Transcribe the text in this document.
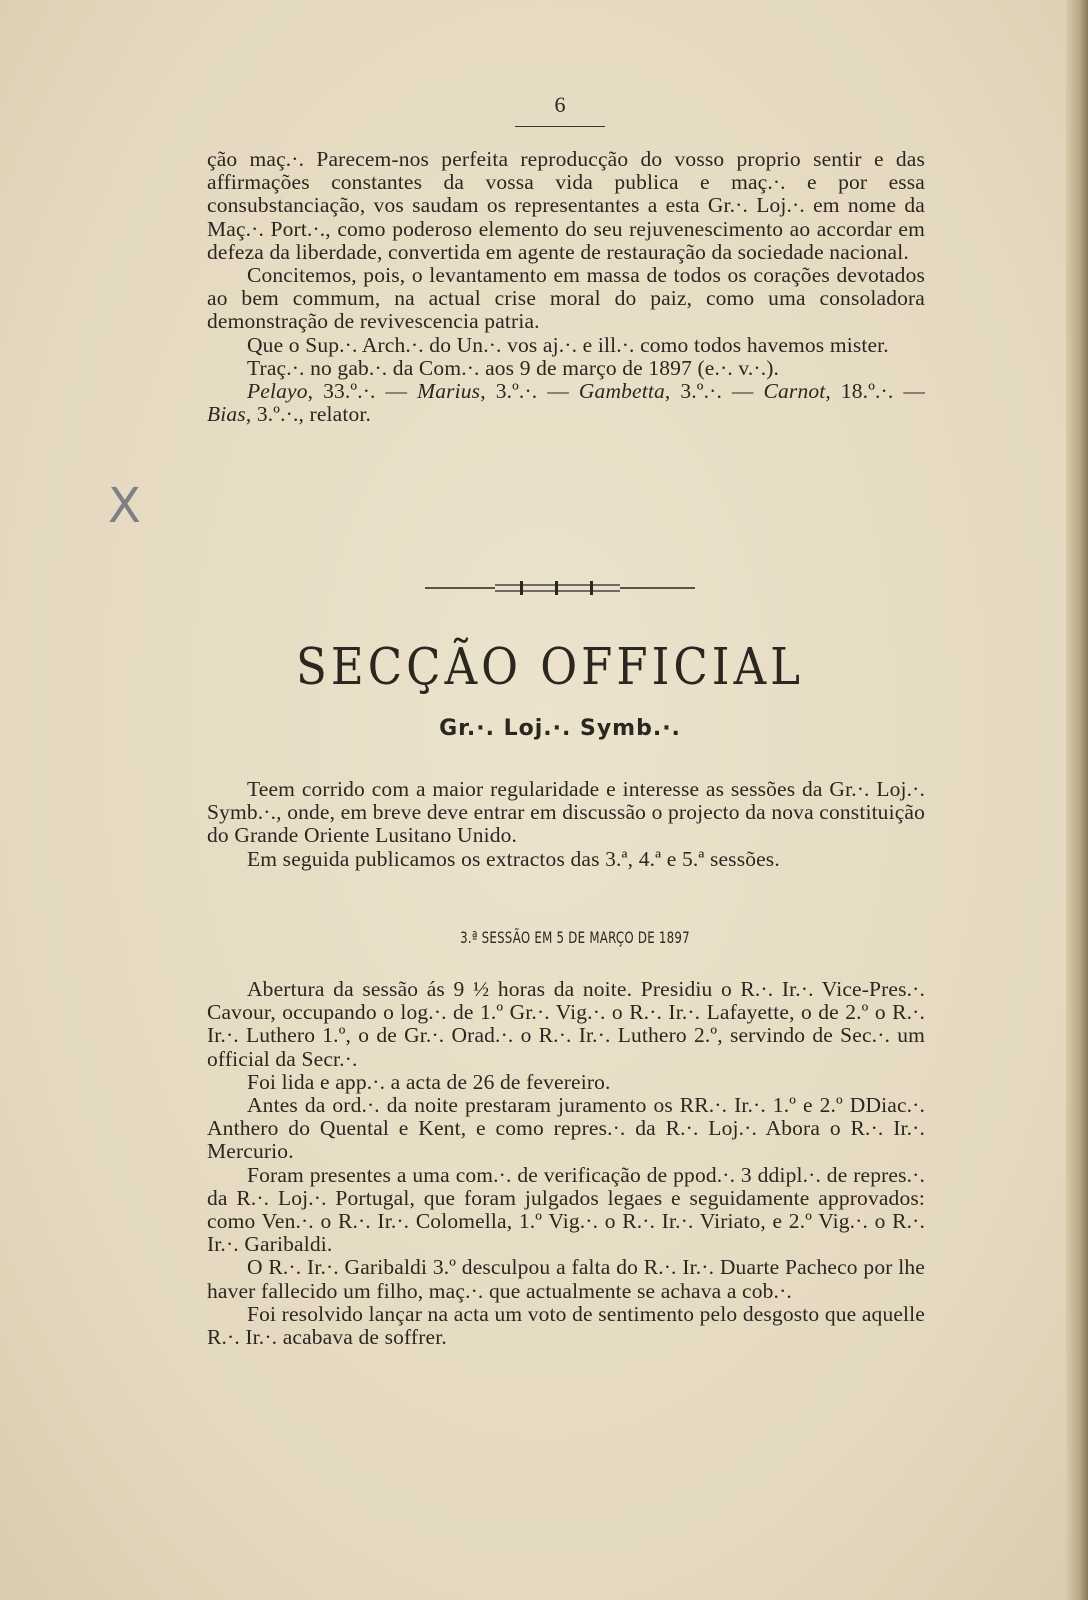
6
X

ção maç.·. Parecem-nos perfeita reproducção do vosso proprio sentir e das affirmações constantes da vossa vida publica e maç.·. e por essa consubstanciação, vos saudam os representantes a esta Gr.·. Loj.·. em nome da Maç.·. Port.·., como poderoso elemento do seu rejuvenescimento ao accordar em defeza da liberdade, convertida em agente de restauração da sociedade nacional.

Concitemos, pois, o levantamento em massa de todos os corações devotados ao bem commum, na actual crise moral do paiz, como uma consoladora demonstração de revivescencia patria.

Que o Sup.·. Arch.·. do Un.·. vos aj.·. e ill.·. como todos havemos mister.

Traç.·. no gab.·. da Com.·. aos 9 de março de 1897 (e.·. v.·.).

Pelayo, 33.º.·. — Marius, 3.º.·. — Gambetta, 3.º.·. — Carnot, 18.º.·. — Bias, 3.º.·., relator.

SECÇÃO OFFICIAL
Gr.·. Loj.·. Symb.·.

Teem corrido com a maior regularidade e interesse as sessões da Gr.·. Loj.·. Symb.·., onde, em breve deve entrar em discussão o projecto da nova constituição do Grande Oriente Lusitano Unido.

Em seguida publicamos os extractos das 3.ª, 4.ª e 5.ª sessões.

3.ª SESSÃO EM 5 DE MARÇO DE 1897

Abertura da sessão ás 9 ½ horas da noite. Presidiu o R.·. Ir.·. Vice-Pres.·. Cavour, occupando o log.·. de 1.º Gr.·. Vig.·. o R.·. Ir.·. Lafayette, o de 2.º o R.·. Ir.·. Luthero 1.º, o de Gr.·. Orad.·. o R.·. Ir.·. Luthero 2.º, servindo de Sec.·. um official da Secr.·.

Foi lida e app.·. a acta de 26 de fevereiro.

Antes da ord.·. da noite prestaram juramento os RR.·. Ir.·. 1.º e 2.º DDiac.·. Anthero do Quental e Kent, e como repres.·. da R.·. Loj.·. Abora o R.·. Ir.·. Mercurio.

Foram presentes a uma com.·. de verificação de ppod.·. 3 ddipl.·. de repres.·. da R.·. Loj.·. Portugal, que foram julgados legaes e seguidamente approvados: como Ven.·. o R.·. Ir.·. Colomella, 1.º Vig.·. o R.·. Ir.·. Viriato, e 2.º Vig.·. o R.·. Ir.·. Garibaldi.

O R.·. Ir.·. Garibaldi 3.º desculpou a falta do R.·. Ir.·. Duarte Pacheco por lhe haver fallecido um filho, maç.·. que actualmente se achava a cob.·.

Foi resolvido lançar na acta um voto de sentimento pelo desgosto que aquelle R.·. Ir.·. acabava de soffrer.
